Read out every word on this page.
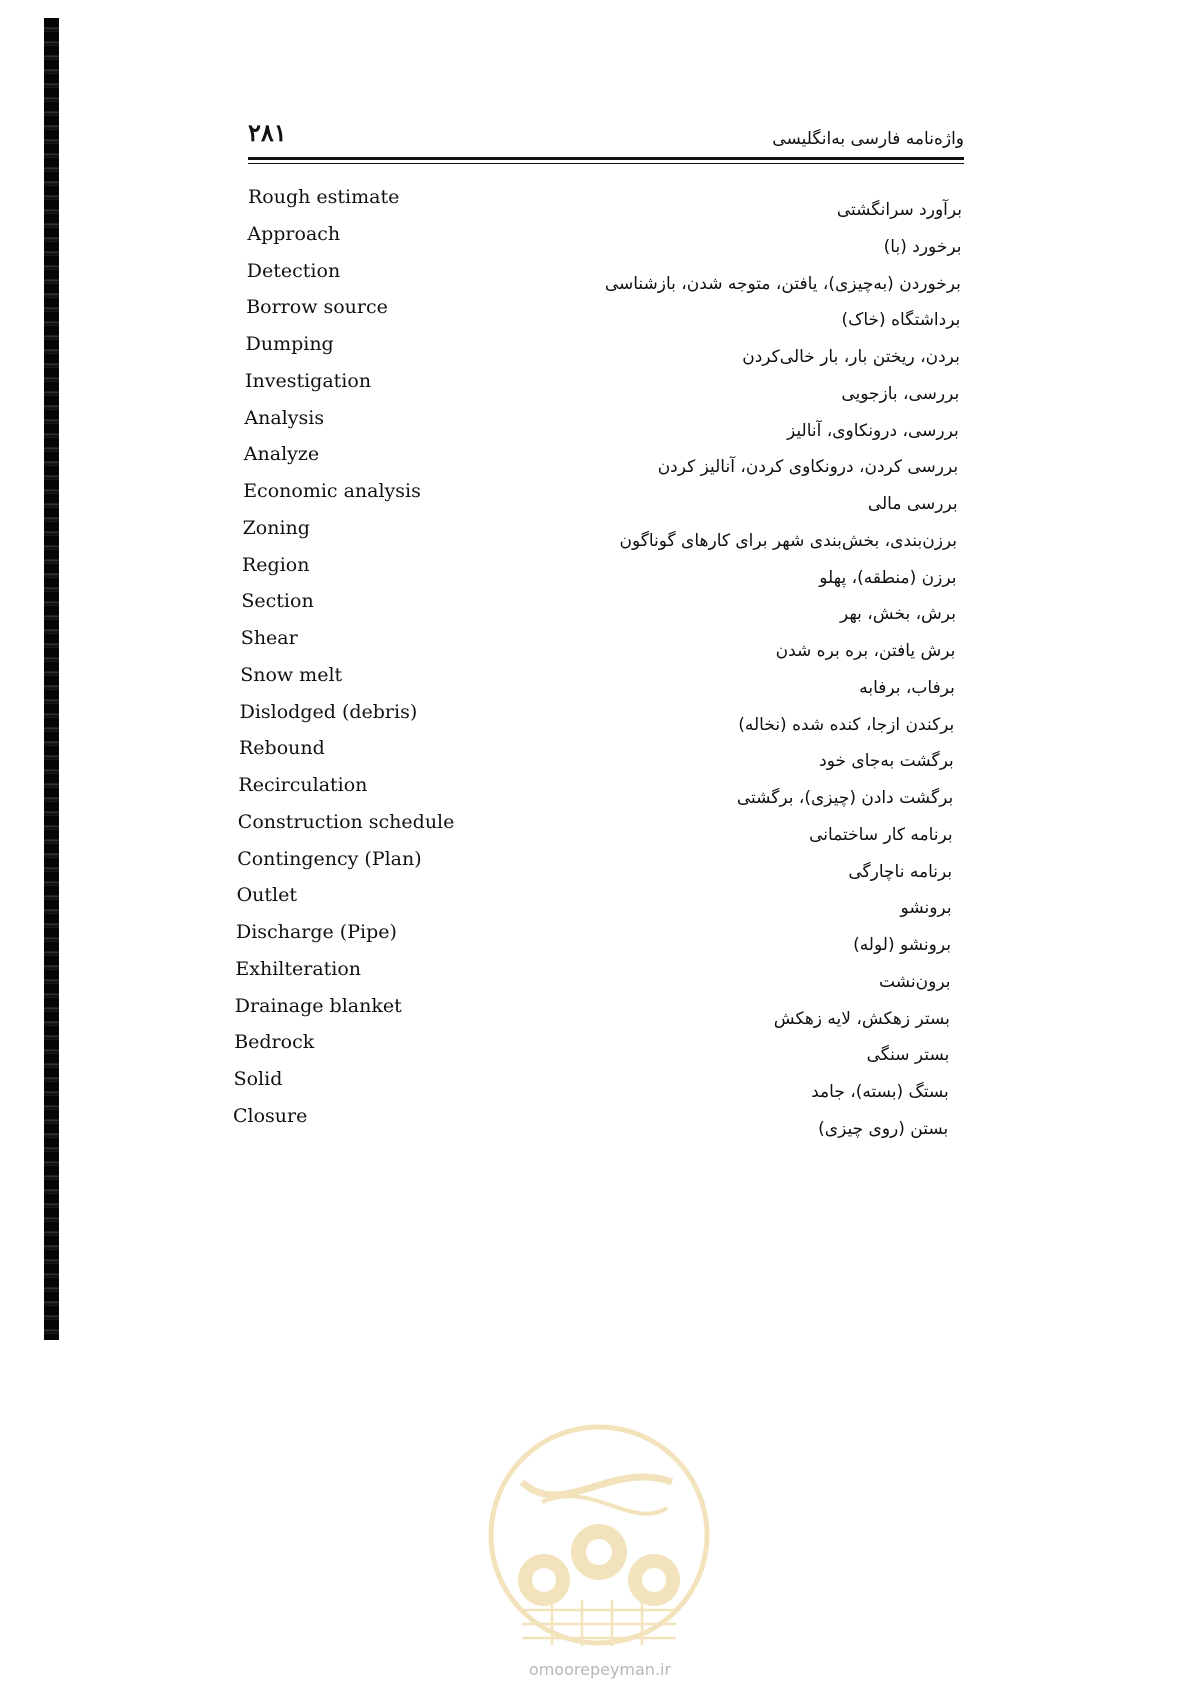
۲۸۱	واژه‌نامه فارسی به‌انگلیسی
Rough estimate
برآورد سرانگشتی
Approach
برخورد (با)
Detection
برخوردن (به‌چیزی)، یافتن، متوجه شدن، بازشناسی
Borrow source
برداشتگاه (خاک)
Dumping
بردن، ریختن بار، بار خالی‌کردن
Investigation
بررسی، بازجویی
Analysis
بررسی، درونکاوی، آنالیز
Analyze
بررسی کردن، درونکاوی کردن، آنالیز کردن
Economic analysis
بررسی مالی
Zoning
برزن‌بندی، بخش‌بندی شهر برای کارهای گوناگون
Region
برزن (منطقه)، پهلو
Section
برش، بخش، بهر
Shear
برش یافتن، بره بره شدن
Snow melt
برفاب، برفابه
Dislodged (debris)
برکندن ازجا، کنده شده (نخاله)
Rebound
برگشت به‌جای خود
Recirculation
برگشت دادن (چیزی)، برگشتی
Construction schedule
برنامه کار ساختمانی
Contingency (Plan)
برنامه ناچارگی
Outlet
برونشو
Discharge (Pipe)
برونشو (لوله)
Exhilteration
برون‌نشت
Drainage blanket
بستر زهکش، لایه زهکش
Bedrock
بستر سنگی
Solid
بستگ (بسته)، جامد
Closure
بستن (روی چیزی)
omoorepeyman.ir
